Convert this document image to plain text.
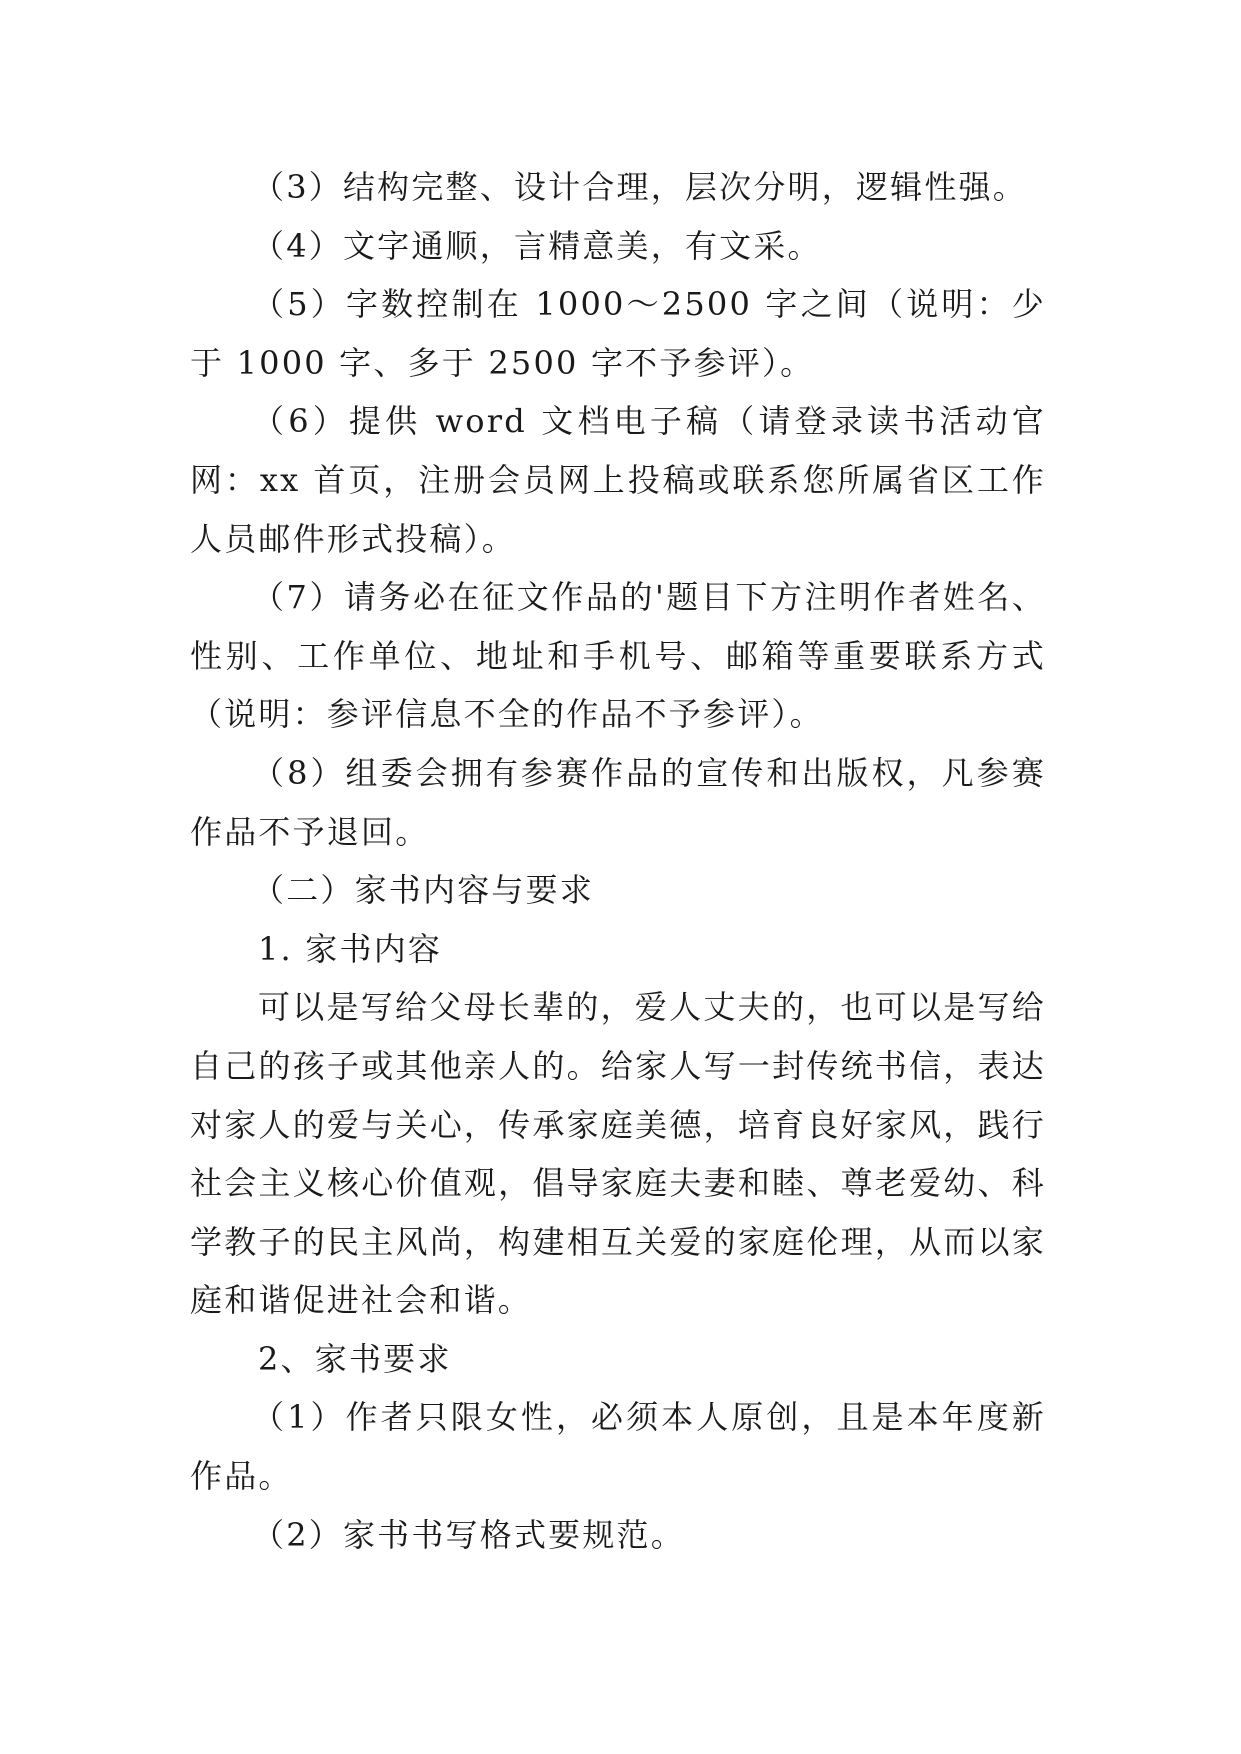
（3）结构完整、设计合理，层次分明，逻辑性强。

（4）文字通顺，言精意美，有文采。

（5）字数控制在 1000～2500 字之间（说明：少于 1000 字、多于 2500 字不予参评）。

（6）提供 word 文档电子稿（请登录读书活动官网：xx 首页，注册会员网上投稿或联系您所属省区工作人员邮件形式投稿）。

（7）请务必在征文作品的'题目下方注明作者姓名、性别、工作单位、地址和手机号、邮箱等重要联系方式（说明：参评信息不全的作品不予参评）。

（8）组委会拥有参赛作品的宣传和出版权，凡参赛作品不予退回。

（二）家书内容与要求

1. 家书内容

可以是写给父母长辈的，爱人丈夫的，也可以是写给自己的孩子或其他亲人的。给家人写一封传统书信，表达对家人的爱与关心，传承家庭美德，培育良好家风，践行社会主义核心价值观，倡导家庭夫妻和睦、尊老爱幼、科学教子的民主风尚，构建相互关爱的家庭伦理，从而以家庭和谐促进社会和谐。

2、家书要求

（1）作者只限女性，必须本人原创，且是本年度新作品。

（2）家书书写格式要规范。
